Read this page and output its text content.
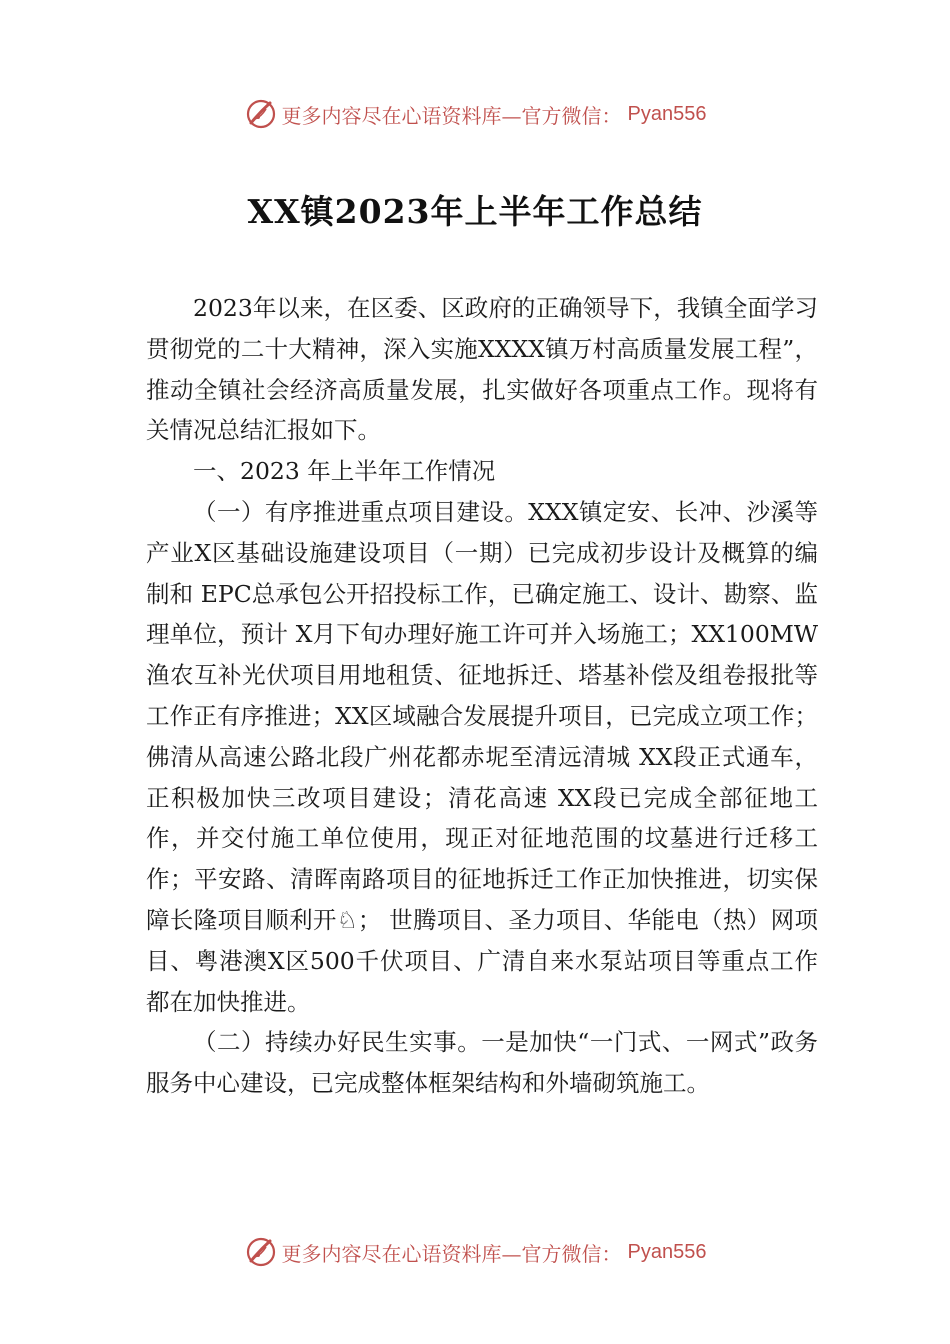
更多内容尽在心语资料库—官方微信： Pyan556
XX镇2023年上半年工作总结

2023年以来，在区委、区政府的正确领导下，我镇全面学习贯彻党的二十大精神，深入实施XXXX镇万村高质量发展工程”，推动全镇社会经济高质量发展，扎实做好各项重点工作。现将有关情况总结汇报如下。

一、2023 年上半年工作情况

（一）有序推进重点项目建设。XXX镇定安、长冲、沙溪等产业X区基础设施建设项目（一期）已完成初步设计及概算的编制和 EPC总承包公开招投标工作，已确定施工、设计、勘察、监理单位，预计 X月下旬办理好施工许可并入场施工；XX100MW渔农互补光伏项目用地租赁、征地拆迁、塔基补偿及组卷报批等工作正有序推进；XX区域融合发展提升项目，已完成立项工作；佛清从高速公路北段广州花都赤坭至清远清城 XX段正式通车，正积极加快三改项目建设；清花高速 XX段已完成全部征地工作，并交付施工单位使用，现正对征地范围的坟墓进行迁移工作；平安路、清晖南路项目的征地拆迁工作正加快推进，切实保障长隆项目顺利开♘； 世腾项目、圣力项目、华能电（热）网项目、粤港澳X区500千伏项目、广清自来水泵站项目等重点工作都在加快推进。

（二）持续办好民生实事。一是加快“一门式、一网式”政务服务中心建设，已完成整体框架结构和外墙砌筑施工。

更多内容尽在心语资料库—官方微信： Pyan556
